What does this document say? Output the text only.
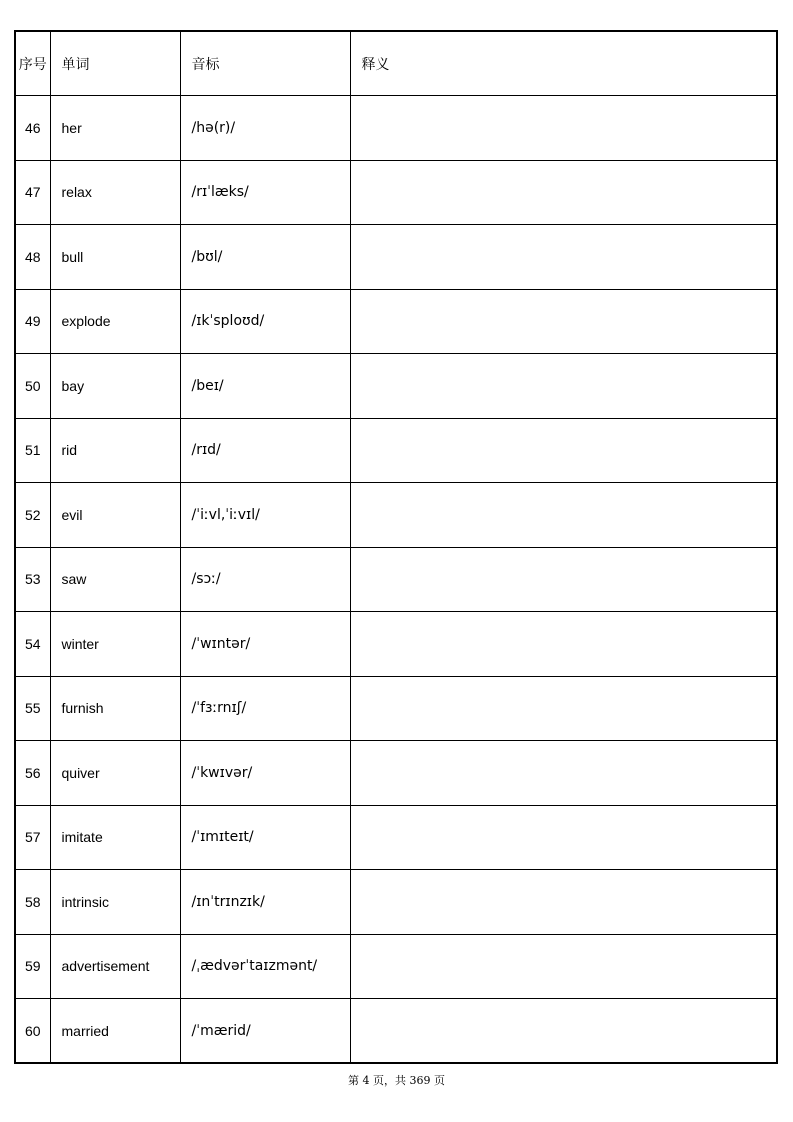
序号	单词	音标	释义
46	her	/hə(r)/	
47	relax	/rɪˈlæks/	
48	bull	/bʊl/	
49	explode	/ɪkˈsploʊd/	
50	bay	/beɪ/	
51	rid	/rɪd/	
52	evil	/ˈiːvl,ˈiːvɪl/	
53	saw	/sɔː/	
54	winter	/ˈwɪntər/	
55	furnish	/ˈfɜːrnɪʃ/	
56	quiver	/ˈkwɪvər/	
57	imitate	/ˈɪmɪteɪt/	
58	intrinsic	/ɪnˈtrɪnzɪk/	
59	advertisement	/ˌædvərˈtaɪzmənt/	
60	married	/ˈmærid/	
第 4 页，共 369 页
